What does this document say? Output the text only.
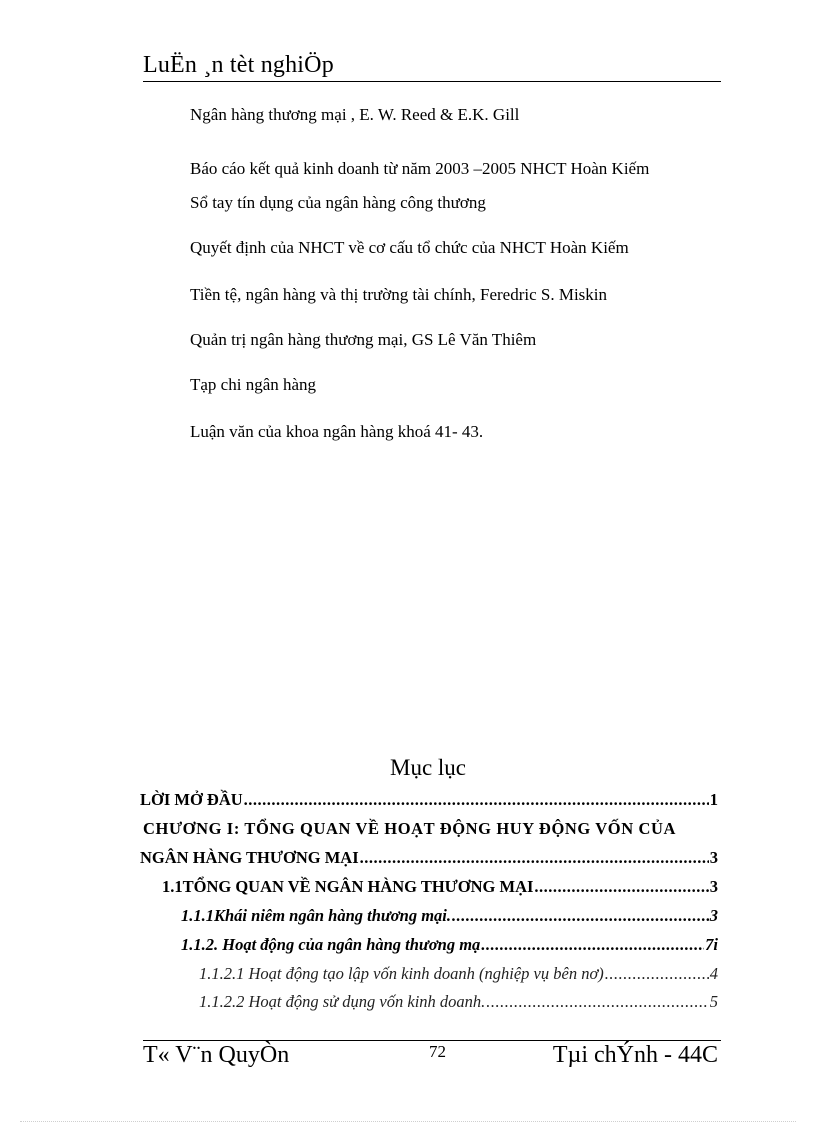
LuËn ¸n tèt nghiÖp
Ngân hàng thương mại , E. W. Reed & E.K. Gill
Báo cáo kết quả kinh doanh từ năm 2003 –2005 NHCT Hoàn Kiếm
Sổ tay tín dụng của ngân hàng công thương
Quyết định của NHCT về cơ cấu tổ chức của NHCT Hoàn Kiếm
Tiền tệ, ngân hàng và thị trường tài chính, Feredric S. Miskin
Quản trị ngân hàng thương mại, GS Lê Văn Thiêm
Tạp chi ngân hàng
Luận văn của khoa ngân hàng khoá 41- 43.
Mục lục
LỜI MỞ ĐẦU .....	1
CHƯƠNG I: TỔNG QUAN VỀ HOẠT ĐỘNG HUY ĐỘNG VỐN CỦA
NGÂN HÀNG THƯƠNG MẠI .....	3
1.1TỔNG QUAN VỀ NGÂN HÀNG THƯƠNG MẠI .....	3
1.1.1Khái niêm ngân hàng thương mại. .....	3
1.1.2. Hoạt động của ngân hàng thương mạ .....	7i
1.1.2.1 Hoạt động tạo lập vốn kinh doanh (nghiệp vụ bên nơ) .....	4
1.1.2.2 Hoạt động sử dụng vốn kinh doanh. .....	5
T« V¨n QuyÒn	72	Tµi chÝnh - 44C
